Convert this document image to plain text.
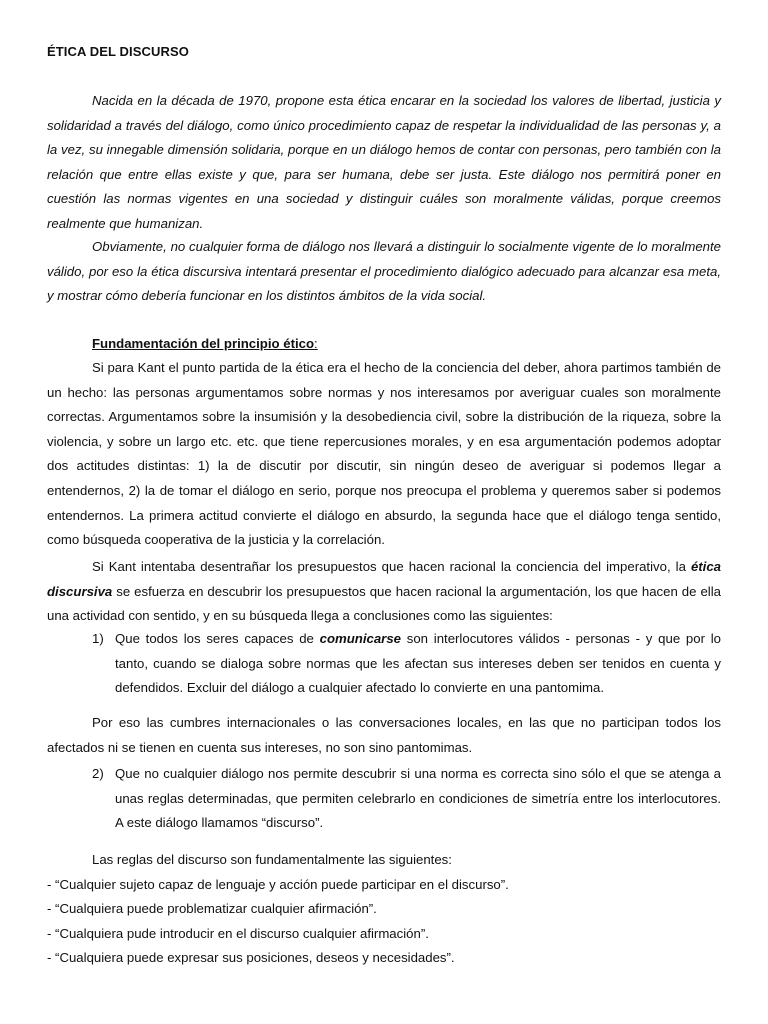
ÉTICA DEL DISCURSO

Nacida en la década de 1970, propone esta ética encarar en la sociedad los valores de libertad, justicia y solidaridad a través del diálogo, como único procedimiento capaz de respetar la individualidad de las personas y, a la vez, su innegable dimensión solidaria, porque en un diálogo hemos de contar con personas, pero también con la relación que entre ellas existe y que, para ser humana, debe ser justa. Este diálogo nos permitirá poner en cuestión las normas vigentes en una sociedad y distinguir cuáles son moralmente válidas, porque creemos realmente que humanizan.

Obviamente, no cualquier forma de diálogo nos llevará a distinguir lo socialmente vigente de lo moralmente válido, por eso la ética discursiva intentará presentar el procedimiento dialógico adecuado para alcanzar esa meta, y mostrar cómo debería funcionar en los distintos ámbitos de la vida social.

Fundamentación del principio ético:

Si para Kant el punto partida de la ética era el hecho de la conciencia del deber, ahora partimos también de un hecho: las personas argumentamos sobre normas y nos interesamos por averiguar cuales son moralmente correctas. Argumentamos sobre la insumisión y la desobediencia civil, sobre la distribución de la riqueza, sobre la violencia, y sobre un largo etc. etc. que tiene repercusiones morales, y en esa argumentación podemos adoptar dos actitudes distintas: 1) la de discutir por discutir, sin ningún deseo de averiguar si podemos llegar a entendernos, 2) la de tomar el diálogo en serio, porque nos preocupa el problema y queremos saber si podemos entendernos. La primera actitud convierte el diálogo en absurdo, la segunda hace que el diálogo tenga sentido, como búsqueda cooperativa de la justicia y la correlación.

Si Kant intentaba desentrañar los presupuestos que hacen racional la conciencia del imperativo, la ética discursiva se esfuerza en descubrir los presupuestos que hacen racional la argumentación, los que hacen de ella una actividad con sentido, y en su búsqueda llega a conclusiones como las siguientes:

1) Que todos los seres capaces de comunicarse son interlocutores válidos - personas - y que por lo tanto, cuando se dialoga sobre normas que les afectan sus intereses deben ser tenidos en cuenta y defendidos. Excluir del diálogo a cualquier afectado lo convierte en una pantomima.

Por eso las cumbres internacionales o las conversaciones locales, en las que no participan todos los afectados ni se tienen en cuenta sus intereses, no son sino pantomimas.

2) Que no cualquier diálogo nos permite descubrir si una norma es correcta sino sólo el que se atenga a unas reglas determinadas, que permiten celebrarlo en condiciones de simetría entre los interlocutores. A este diálogo llamamos “discurso”.
Las reglas del discurso son fundamentalmente las siguientes:
- “Cualquier sujeto capaz de lenguaje y acción puede participar en el discurso”.
- “Cualquiera puede problematizar cualquier afirmación”.
- “Cualquiera pude introducir en el discurso cualquier afirmación”.
- “Cualquiera puede expresar sus posiciones, deseos y necesidades”.
